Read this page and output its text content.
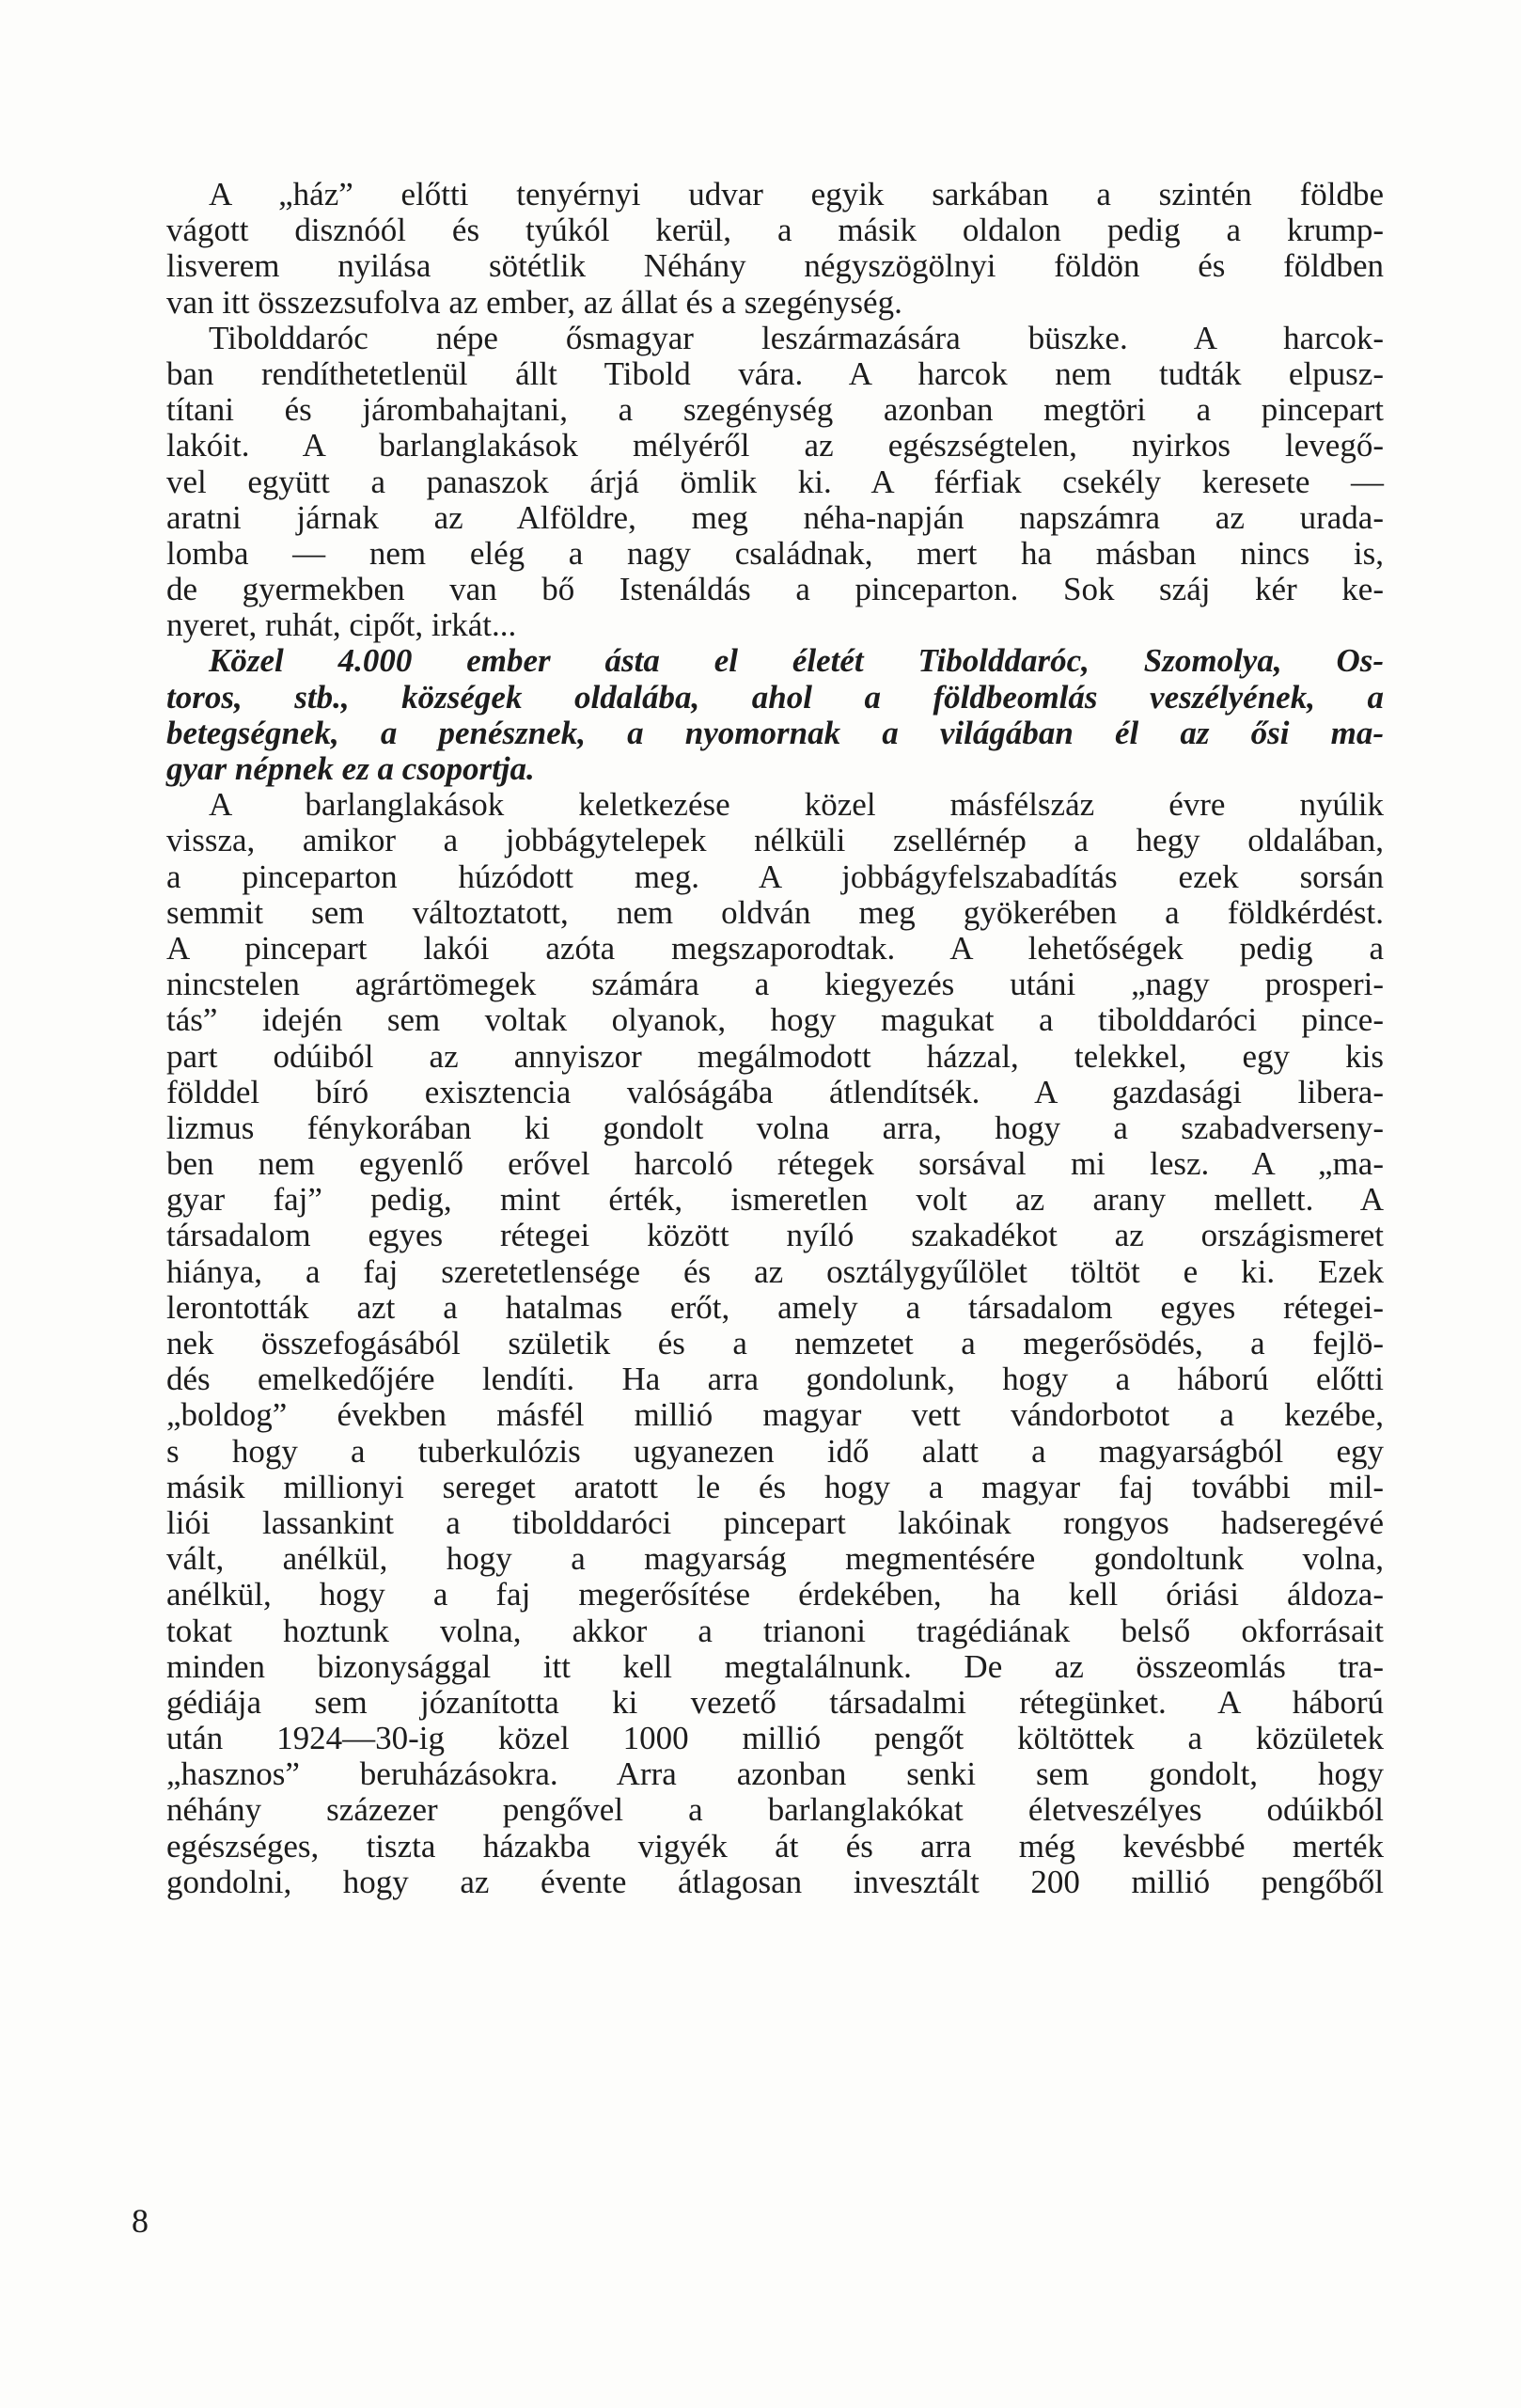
A „ház” előtti tenyérnyi udvar egyik sarkában a szintén földbe
vágott disznóól és tyúkól kerül, a másik oldalon pedig a krump-
lisverem nyilása sötétlik Néhány négyszögölnyi földön és földben
van itt összezsufolva az ember, az állat és a szegénység.
Tibolddaróc népe ősmagyar leszármazására büszke. A harcok-
ban rendíthetetlenül állt Tibold vára. A harcok nem tudták elpusz-
títani és járombahajtani, a szegénység azonban megtöri a pincepart
lakóit. A barlanglakások mélyéről az egészségtelen, nyirkos levegő-
vel együtt a panaszok árjá ömlik ki. A férfiak csekély keresete —
aratni járnak az Alföldre, meg néha-napján napszámra az urada-
lomba — nem elég a nagy családnak, mert ha másban nincs is,
de gyermekben van bő Istenáldás a pinceparton. Sok száj kér ke-
nyeret, ruhát, cipőt, irkát...
Közel 4.000 ember ásta el életét Tibolddaróc, Szomolya, Os-
toros, stb., községek oldalába, ahol a földbeomlás veszélyének, a
betegségnek, a penésznek, a nyomornak a világában él az ősi ma-
gyar népnek ez a csoportja.
A barlanglakások keletkezése közel másfélszáz évre nyúlik
vissza, amikor a jobbágytelepek nélküli zsellérnép a hegy oldalában,
a pinceparton húzódott meg. A jobbágyfelszabadítás ezek sorsán
semmit sem változtatott, nem oldván meg gyökerében a földkérdést.
A pincepart lakói azóta megszaporodtak. A lehetőségek pedig a
nincstelen agrártömegek számára a kiegyezés utáni „nagy prosperi-
tás” idején sem voltak olyanok, hogy magukat a tibolddaróci pince-
part odúiból az annyiszor megálmodott házzal, telekkel, egy kis
földdel bíró exisztencia valóságába átlendítsék. A gazdasági libera-
lizmus fénykorában ki gondolt volna arra, hogy a szabadverseny-
ben nem egyenlő erővel harcoló rétegek sorsával mi lesz. A „ma-
gyar faj” pedig, mint érték, ismeretlen volt az arany mellett. A
társadalom egyes rétegei között nyíló szakadékot az országismeret
hiánya, a faj szeretetlensége és az osztálygyűlölet töltöt e ki. Ezek
lerontották azt a hatalmas erőt, amely a társadalom egyes rétegei-
nek összefogásából születik és a nemzetet a megerősödés, a fejlö-
dés emelkedőjére lendíti. Ha arra gondolunk, hogy a háború előtti
„boldog” években másfél millió magyar vett vándorbotot a kezébe,
s hogy a tuberkulózis ugyanezen idő alatt a magyarságból egy
másik millionyi sereget aratott le és hogy a magyar faj további mil-
liói lassankint a tibolddaróci pincepart lakóinak rongyos hadseregévé
vált, anélkül, hogy a magyarság megmentésére gondoltunk volna,
anélkül, hogy a faj megerősítése érdekében, ha kell óriási áldoza-
tokat hoztunk volna, akkor a trianoni tragédiának belső okforrásait
minden bizonysággal itt kell megtalálnunk. De az összeomlás tra-
gédiája sem józanította ki vezető társadalmi rétegünket. A háború
után 1924—30-ig közel 1000 millió pengőt költöttek a közületek
„hasznos” beruházásokra. Arra azonban senki sem gondolt, hogy
néhány százezer pengővel a barlanglakókat életveszélyes odúikból
egészséges, tiszta házakba vigyék át és arra még kevésbbé merték
gondolni, hogy az évente átlagosan invesztált 200 millió pengőből
8
